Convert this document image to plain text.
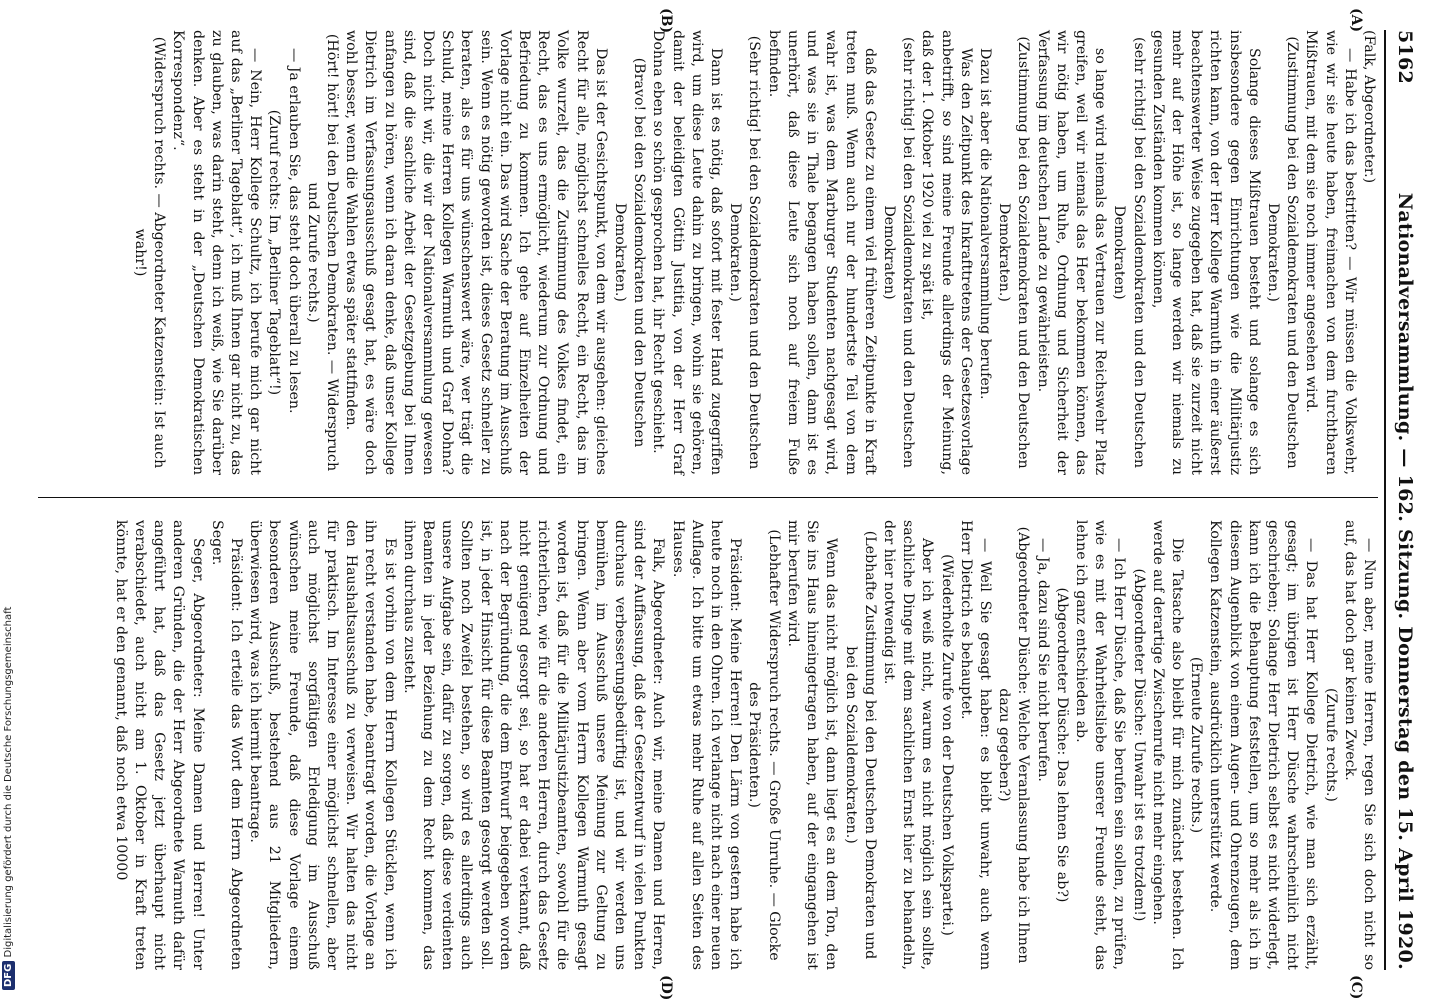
5162
Nationalversammlung. — 162. Sitzung. Donnerstag den 15. April 1920.
(A)
(B)
(C)
(D)

(Falk, Abgeordneter.)

— Habe ich das bestritten? — Wir müssen die Volkswehr, wie wir sie heute haben, freimachen von dem furchtbaren Mißtrauen, mit dem sie noch immer angesehen wird.

(Zustimmung bei den Sozialdemokraten und den Deutschen Demokraten.)

Solange dieses Mißtrauen besteht und solange es sich insbesondere gegen Einrichtungen wie die Militärjustiz richten kann, von der Herr Kollege Warmuth in einer äußerst beachtenswerter Weise zugegeben hat, daß sie zurzeit nicht mehr auf der Höhe ist, so lange werden wir niemals zu gesunden Zuständen kommen können,

(sehr richtig! bei den Sozialdemokraten und den Deutschen Demokraten)

so lange wird niemals das Vertrauen zur Reichswehr Platz greifen, weil wir niemals das Heer bekommen können, das wir nötig haben, um Ruhe, Ordnung und Sicherheit der Verfassung im deutschen Lande zu gewährleisten.

(Zustimmung bei den Sozialdemokraten und den Deutschen Demokraten.)

Dazu ist aber die Nationalversammlung berufen.

Was den Zeitpunkt des Inkrafttretens der Gesetzesvorlage anbetrifft, so sind meine Freunde allerdings der Meinung, daß der 1. Oktober 1920 viel zu spät ist,

(sehr richtig! bei den Sozialdemokraten und den Deutschen Demokraten)

daß das Gesetz zu einem viel früheren Zeitpunkte in Kraft treten muß. Wenn auch nur der hundertste Teil von dem wahr ist, was dem Marburger Studenten nachgesagt wird, und was sie in Thale begangen haben sollen, dann ist es unerhört, daß diese Leute sich noch auf freiem Fuße befinden.

(Sehr richtig! bei den Sozialdemokraten und den Deutschen Demokraten.)

Dann ist es nötig, daß sofort mit fester Hand zugegriffen wird, um diese Leute dahin zu bringen, wohin sie gehören, damit der beleidigten Göttin Justitia, von der Herr Graf Dohna eben so schön gesprochen hat, ihr Recht geschieht.

(Bravo! bei den Sozialdemokraten und den Deutschen Demokraten.)

Das ist der Gesichtspunkt, von dem wir ausgehen: gleiches Recht für alle, möglichst schnelles Recht, ein Recht, das im Volke wurzelt, das die Zustimmung des Volkes findet, ein Recht, das es uns ermöglicht, wiederum zur Ordnung und Befriedung zu kommen. Ich gehe auf Einzelheiten der Vorlage nicht ein. Das wird Sache der Beratung im Ausschuß sein. Wenn es nötig geworden ist, dieses Gesetz schneller zu beraten, als es für uns wünschenswert wäre, wer trägt die Schuld, meine Herren Kollegen Warmuth und Graf Dohna? Doch nicht wir, die wir der Nationalversammlung gewesen sind, daß die sachliche Arbeit der Gesetzgebung bei Ihnen anfangen zu hören, wenn ich daran denke, daß unser Kollege Dietrich im Verfassungsausschuß gesagt hat, es wäre doch wohl besser, wenn die Wahlen etwas später stattfinden.

(Hört! hört! bei den Deutschen Demokraten. — Widerspruch und Zurufe rechts.)

— Ja erlauben Sie, das steht doch überall zu lesen.

(Zuruf rechts: Im „Berliner Tageblatt“!)

— Nein, Herr Kollege Schultz, ich berufe mich gar nicht auf das „Berliner Tageblatt“, ich muß Ihnen gar nicht zu, das zu glauben, was darin steht, denn ich weiß, wie Sie darüber denken. Aber es steht in der „Deutschen Demokratischen Korrespondenz“.

(Widerspruch rechts. — Abgeordneter Katzenstein: Ist auch wahr!)

— Nun aber, meine Herren, regen Sie sich doch nicht so auf, das hat doch gar keinen Zweck.

(Zurufe rechts.)

— Das hat Herr Kollege Dietrich, wie man sich erzählt, gesagt; im übrigen ist Herr Düsche wahrscheinlich nicht geschrieben; Solange Herr Dietrich selbst es nicht widerlegt, kann ich die Behauptung feststellen, um so mehr als ich in diesem Augenblick von einem Augen- und Ohrenzeugen, dem Kollegen Katzenstein, ausdrücklich unterstützt werde.

(Erneute Zurufe rechts.)

Die Tatsache also bleibt für mich zunächst bestehen. Ich werde auf derartige Zwischenrufe nicht mehr eingehen.

(Abgeordneter Düsche: Unwahr ist es trotzdem!)

— Ich Herr Düsche, daß Sie berufen sein sollen, zu prüfen, wie es mit der Wahrheitsliebe unserer Freunde steht, das lehne ich ganz entschieden ab.

(Abgeordneter Düsche: Das lehnen Sie ab?)

— Ja, dazu sind Sie nicht berufen.

(Abgeordneter Düsche: Welche Veranlassung habe ich Ihnen dazu gegeben?)

— Weil Sie gesagt haben: es bleibt unwahr, auch wenn Herr Dietrich es behauptet.

(Wiederholte Zurufe von der Deutschen Volkspartei.)

Aber ich weiß nicht, warum es nicht möglich sein sollte, sachliche Dinge mit dem sachlichen Ernst hier zu behandeln, der hier notwendig ist.

(Lebhafte Zustimmung bei den Deutschen Demokraten und bei den Sozialdemokraten.)

Wenn das nicht möglich ist, dann liegt es an dem Ton, den Sie ins Haus hineingetragen haben, auf der eingangehen ist mir berufen wird.

(Lebhafter Widerspruch rechts. — Große Unruhe. — Glocke des Präsidenten.)

Präsident: Meine Herren! Den Lärm von gestern habe ich heute noch in den Ohren. Ich verlange nicht nach einer neuen Auflage. Ich bitte um etwas mehr Ruhe auf allen Seiten des Hauses.

Falk, Abgeordneter: Auch wir, meine Damen und Herren, sind der Auffassung, daß der Gesetzentwurf in vielen Punkten durchaus verbesserungsbedürftig ist, und wir werden uns bemühen, im Ausschuß unsere Meinung zur Geltung zu bringen. Wenn aber vom Herrn Kollegen Warmuth gesagt worden ist, daß für die Militärjustizbeamten, sowohl für die richterlichen, wie für die anderen Herren, durch das Gesetz nicht genügend gesorgt sei, so hat er dabei verkannt, daß nach der Begründung, die dem Entwurf beigegeben worden ist, in jeder Hinsicht für diese Beamten gesorgt werden soll. Sollten noch Zweifel bestehen, so wird es allerdings auch unsere Aufgabe sein, dafür zu sorgen, daß diese verdienten Beamten in jeder Beziehung zu dem Recht kommen, das ihnen durchaus zusteht.

Es ist vorhin von dem Herrn Kollegen Stücklen, wenn ich ihn recht verstanden habe, beantragt worden, die Vorlage an den Haushaltsausschuß zu verweisen. Wir halten das nicht für praktisch. Im Interesse einer möglichst schnellen, aber auch möglichst sorgfältigen Erledigung im Ausschuß wünschen meine Freunde, daß diese Vorlage einem besonderen Ausschuß, bestehend aus 21 Mitgliedern, überwiesen wird, was ich hiermit beantrage.

Präsident: Ich erteile das Wort dem Herrn Abgeordneten Seger.

Seger, Abgeordneter: Meine Damen und Herren! Unter anderen Gründen, die der Herr Abgeordnete Warmuth dafür angeführt hat, daß das Gesetz jetzt überhaupt nicht verabschiedet, auch nicht am 1. Oktober in Kraft treten könnte, hat er den genannt, daß noch etwa 10000

DFG Digitalisierung gefördert durch die Deutsche Forschungsgemeinschaft
